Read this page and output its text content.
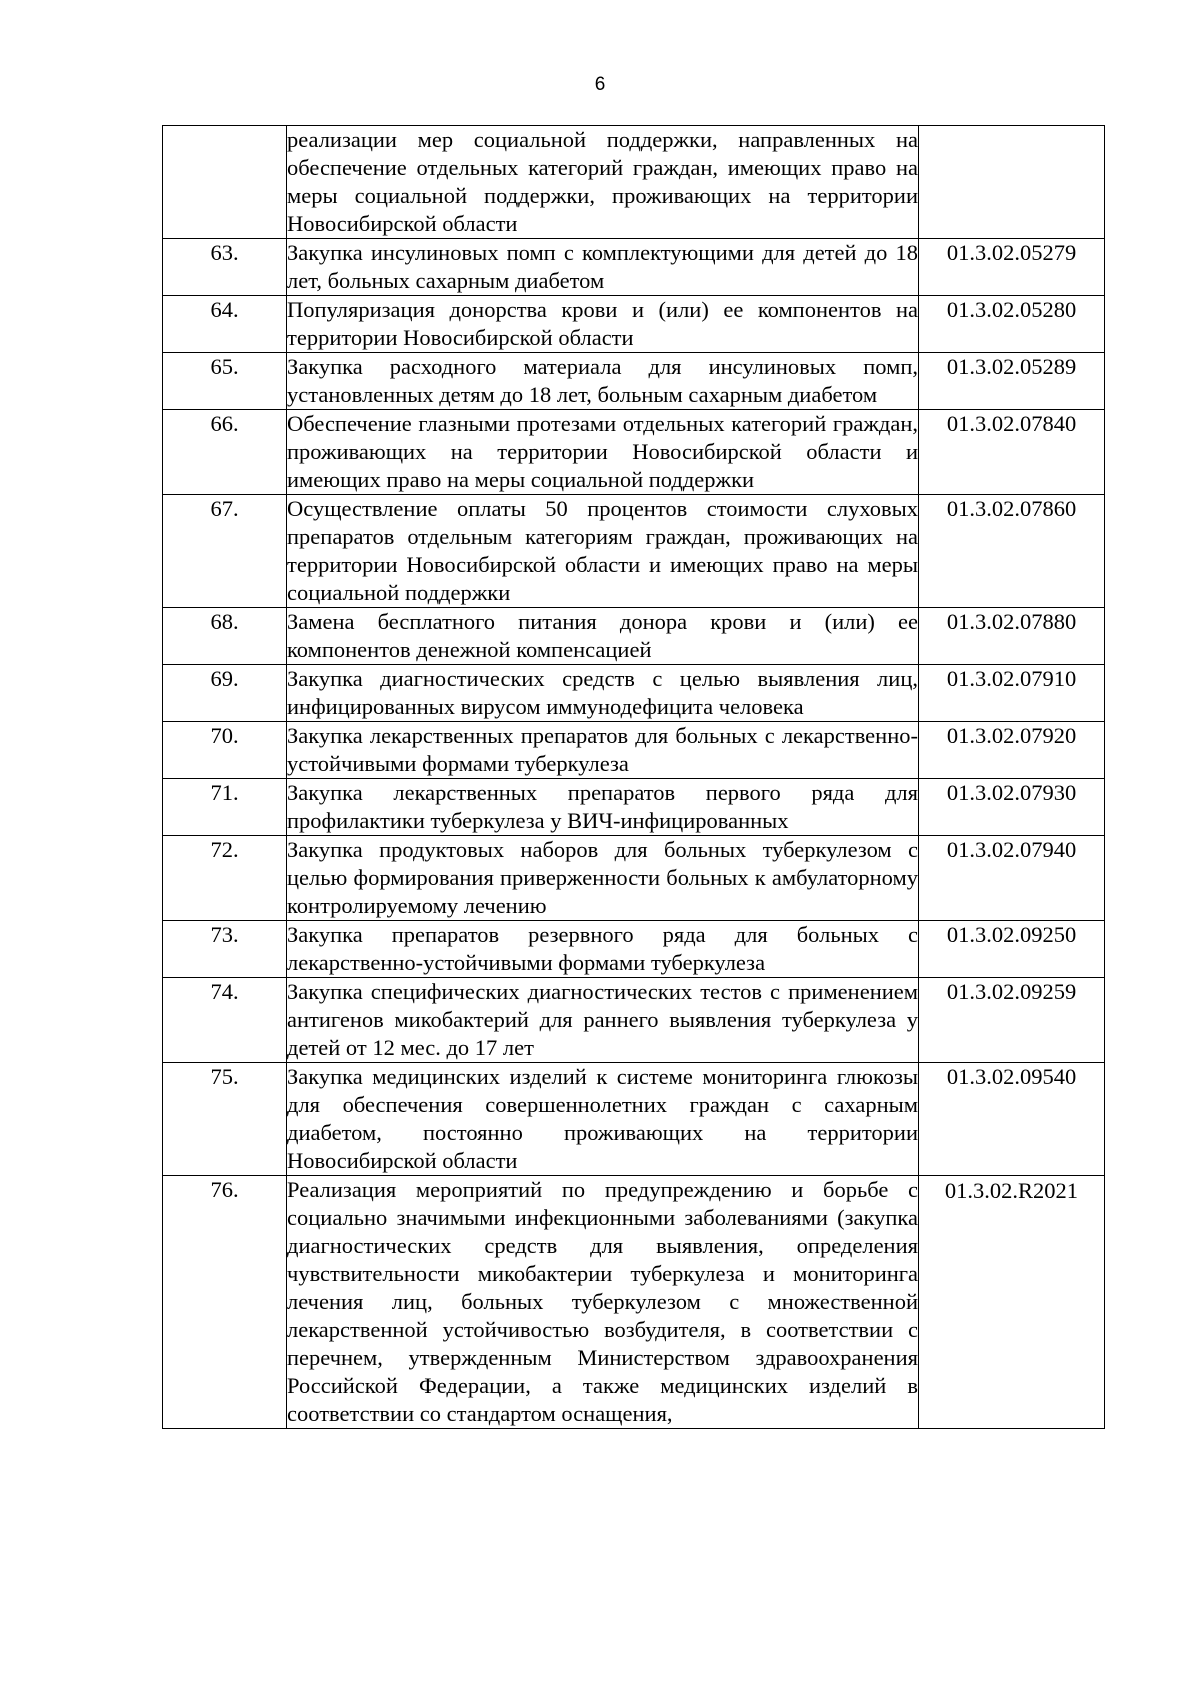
6
	реализации мер социальной поддержки, направленных на обеспечение отдельных категорий граждан, имеющих право на меры социальной поддержки, проживающих на территории Новосибирской области	
63.	Закупка инсулиновых помп с комплектующими для детей до 18 лет, больных сахарным диабетом	01.3.02.05279
64.	Популяризация донорства крови и (или) ее компонентов на территории Новосибирской области	01.3.02.05280
65.	Закупка расходного материала для инсулиновых помп, установленных детям до 18 лет, больным сахарным диабетом	01.3.02.05289
66.	Обеспечение глазными протезами отдельных категорий граждан, проживающих на территории Новосибирской области и имеющих право на меры социальной поддержки	01.3.02.07840
67.	Осуществление оплаты 50 процентов стоимости слуховых препаратов отдельным категориям граждан, проживающих на территории Новосибирской области и имеющих право на меры социальной поддержки	01.3.02.07860
68.	Замена бесплатного питания донора крови и (или) ее компонентов денежной компенсацией	01.3.02.07880
69.	Закупка диагностических средств с целью выявления лиц, инфицированных вирусом иммунодефицита человека	01.3.02.07910
70.	Закупка лекарственных препаратов для больных с лекарственно-устойчивыми формами туберкулеза	01.3.02.07920
71.	Закупка лекарственных препаратов первого ряда для профилактики туберкулеза у ВИЧ-инфицированных	01.3.02.07930
72.	Закупка продуктовых наборов для больных туберкулезом с целью формирования приверженности больных к амбулаторному контролируемому лечению	01.3.02.07940
73.	Закупка препаратов резервного ряда для больных с лекарственно-устойчивыми формами туберкулеза	01.3.02.09250
74.	Закупка специфических диагностических тестов с применением антигенов микобактерий для раннего выявления туберкулеза у детей от 12 мес. до 17 лет	01.3.02.09259
75.	Закупка медицинских изделий к системе мониторинга глюкозы для обеспечения совершеннолетних граждан с сахарным диабетом, постоянно проживающих на территории Новосибирской области	01.3.02.09540
76.	Реализация мероприятий по предупреждению и борьбе с социально значимыми инфекционными заболеваниями (закупка диагностических средств для выявления, определения чувствительности микобактерии туберкулеза и мониторинга лечения лиц, больных туберкулезом с множественной лекарственной устойчивостью возбудителя, в соответствии с перечнем, утвержденным Министерством здравоохранения Российской Федерации, а также медицинских изделий в соответствии со стандартом оснащения,	01.3.02.R2021
